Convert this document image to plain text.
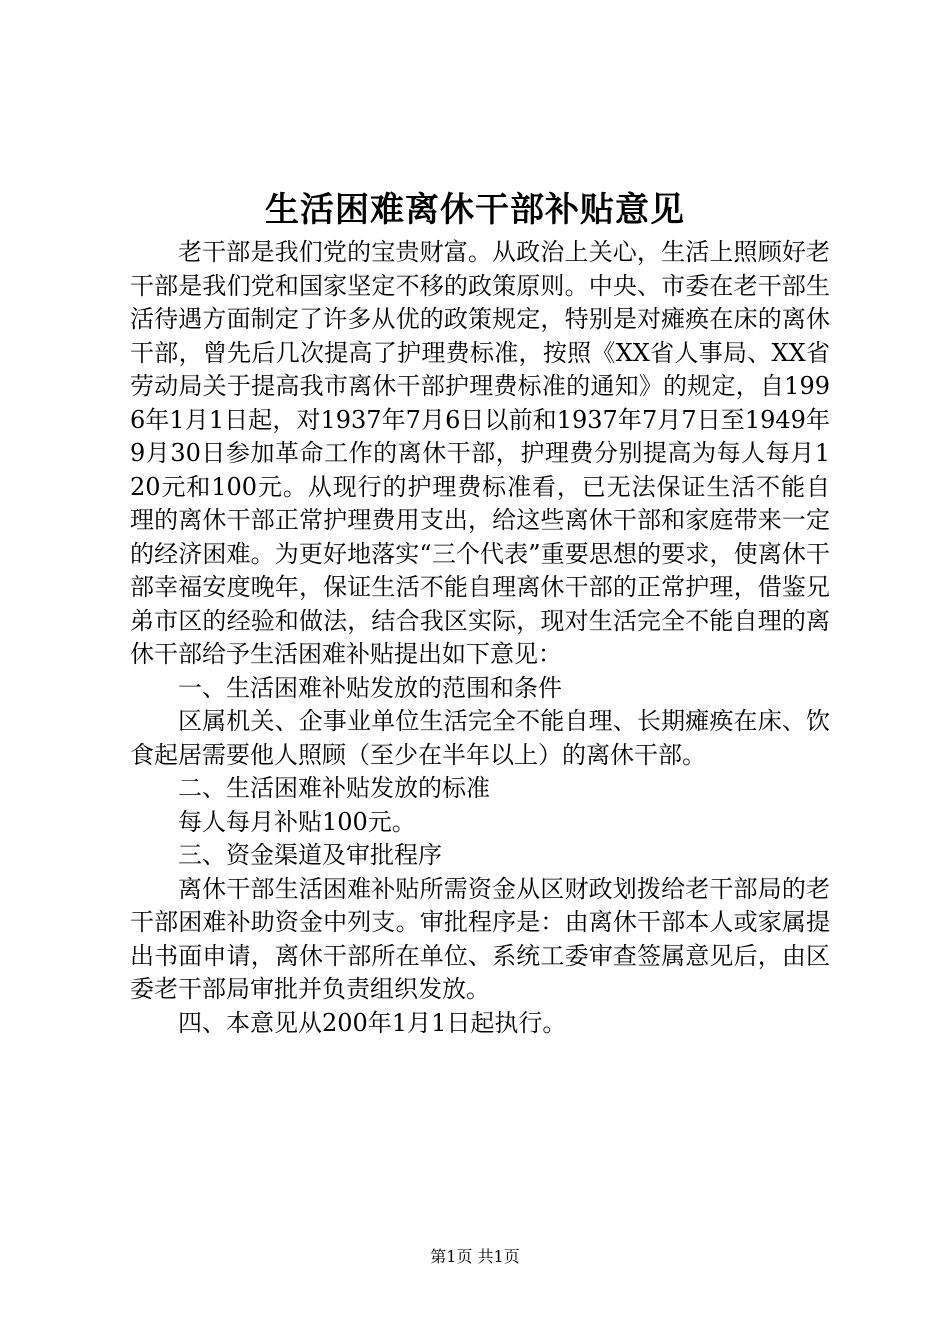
生活困难离休干部补贴意见

老干部是我们党的宝贵财富。从政治上关心，生活上照顾好老干部是我们党和国家坚定不移的政策原则。中央、市委在老干部生活待遇方面制定了许多从优的政策规定，特别是对瘫痪在床的离休干部，曾先后几次提高了护理费标准，按照《XX省人事局、XX省劳动局关于提高我市离休干部护理费标准的通知》的规定，自1996年1月1日起，对1937年7月6日以前和1937年7月7日至1949年9月30日参加革命工作的离休干部，护理费分别提高为每人每月120元和100元。从现行的护理费标准看，已无法保证生活不能自理的离休干部正常护理费用支出，给这些离休干部和家庭带来一定的经济困难。为更好地落实“三个代表”重要思想的要求，使离休干部幸福安度晚年，保证生活不能自理离休干部的正常护理，借鉴兄弟市区的经验和做法，结合我区实际，现对生活完全不能自理的离休干部给予生活困难补贴提出如下意见：

一、生活困难补贴发放的范围和条件

区属机关、企事业单位生活完全不能自理、长期瘫痪在床、饮食起居需要他人照顾（至少在半年以上）的离休干部。

二、生活困难补贴发放的标准

每人每月补贴100元。

三、资金渠道及审批程序

离休干部生活困难补贴所需资金从区财政划拨给老干部局的老干部困难补助资金中列支。审批程序是：由离休干部本人或家属提出书面申请，离休干部所在单位、系统工委审查签属意见后，由区委老干部局审批并负责组织发放。

四、本意见从200年1月1日起执行。

第1页 共1页
